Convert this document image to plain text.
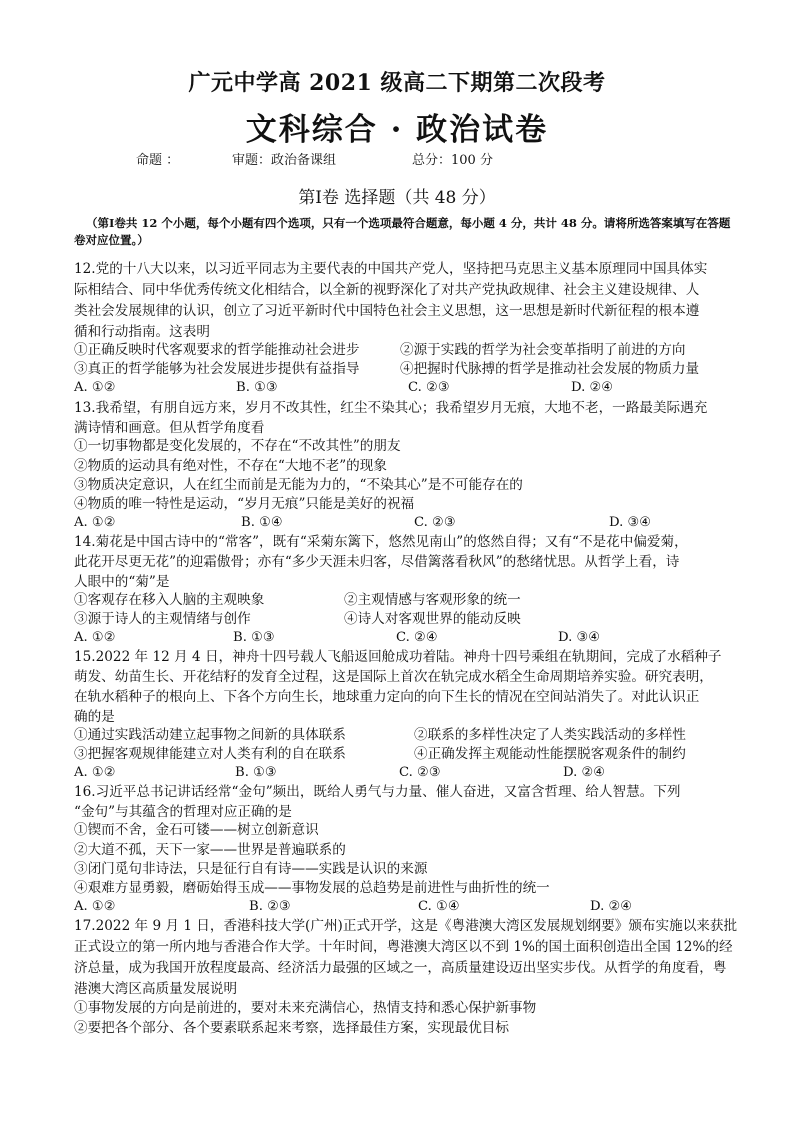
广元中学高 2021 级高二下期第二次段考
文科综合 · 政治试卷
命题 ：	审题：政治备课组	总分：100 分
第Ⅰ卷 选择题（共 48 分）
（第Ⅰ卷共 12 个小题，每个小题有四个选项，只有一个选项最符合题意，每小题 4 分，共计 48 分。请将所选答案填写在答题卷对应位置。）
12.党的十八大以来，以习近平同志为主要代表的中国共产党人，坚持把马克思主义基本原理同中国具体实
际相结合、同中华优秀传统文化相结合，以全新的视野深化了对共产党执政规律、社会主义建设规律、人
类社会发展规律的认识，创立了习近平新时代中国特色社会主义思想，这一思想是新时代新征程的根本遵
循和行动指南。这表明
①正确反映时代客观要求的哲学能推动社会进步	②源于实践的哲学为社会变革指明了前进的方向
③真正的哲学能够为社会发展进步提供有益指导	④把握时代脉搏的哲学是推动社会发展的物质力量
A. ①②	B. ①③	C. ②③	D. ②④
13.我希望，有朋自远方来，岁月不改其性，红尘不染其心；我希望岁月无痕，大地不老，一路最美际遇充
满诗情和画意。但从哲学角度看
①一切事物都是变化发展的，不存在“不改其性”的朋友
②物质的运动具有绝对性，不存在“大地不老”的现象
③物质决定意识，人在红尘而前是无能为力的，“不染其心”是不可能存在的
④物质的唯一特性是运动，“岁月无痕”只能是美好的祝福
A. ①②	B. ①④	C. ②③	D. ③④
14.菊花是中国古诗中的“常客”，既有“采菊东篱下，悠然见南山”的悠然自得；又有“不是花中偏爱菊，
此花开尽更无花”的迎霜傲骨；亦有“多少天涯未归客，尽借篱落看秋风”的愁绪忧思。从哲学上看，诗
人眼中的“菊”是
①客观存在移入人脑的主观映象	②主观情感与客观形象的统一
③源于诗人的主观情绪与创作	④诗人对客观世界的能动反映
A. ①②	B. ①③	C. ②④	D. ③④
15.2022 年 12 月 4 日，神舟十四号载人飞船返回舱成功着陆。神舟十四号乘组在轨期间，完成了水稻种子
萌发、幼苗生长、开花结籽的发育全过程，这是国际上首次在轨完成水稻全生命周期培养实验。研究表明，
在轨水稻种子的根向上、下各个方向生长，地球重力定向的向下生长的情况在空间站消失了。对此认识正
确的是
①通过实践活动建立起事物之间新的具体联系	②联系的多样性决定了人类实践活动的多样性
③把握客观规律能建立对人类有利的自在联系	④正确发挥主观能动性能摆脱客观条件的制约
A. ①②	B. ①③	C. ②③	D. ②④
16.习近平总书记讲话经常“金句”频出，既给人勇气与力量、催人奋进，又富含哲理、给人智慧。下列
“金句”与其蕴含的哲理对应正确的是
①锲而不舍，金石可镂——树立创新意识
②大道不孤，天下一家——世界是普遍联系的
③闭门觅句非诗法，只是征行自有诗——实践是认识的来源
④艰难方显勇毅，磨砺始得玉成——事物发展的总趋势是前进性与曲折性的统一
A. ①②	B. ②③	C. ①④	D. ②④
17.2022 年 9 月 1 日，香港科技大学(广州)正式开学，这是《粤港澳大湾区发展规划纲要》颁布实施以来获批
正式设立的第一所内地与香港合作大学。十年时间，粤港澳大湾区以不到 1%的国土面积创造出全国 12%的经
济总量，成为我国开放程度最高、经济活力最强的区域之一，高质量建设迈出坚实步伐。从哲学的角度看，粤
港澳大湾区高质量发展说明
①事物发展的方向是前进的，要对未来充满信心，热情支持和悉心保护新事物
②要把各个部分、各个要素联系起来考察，选择最佳方案，实现最优目标
